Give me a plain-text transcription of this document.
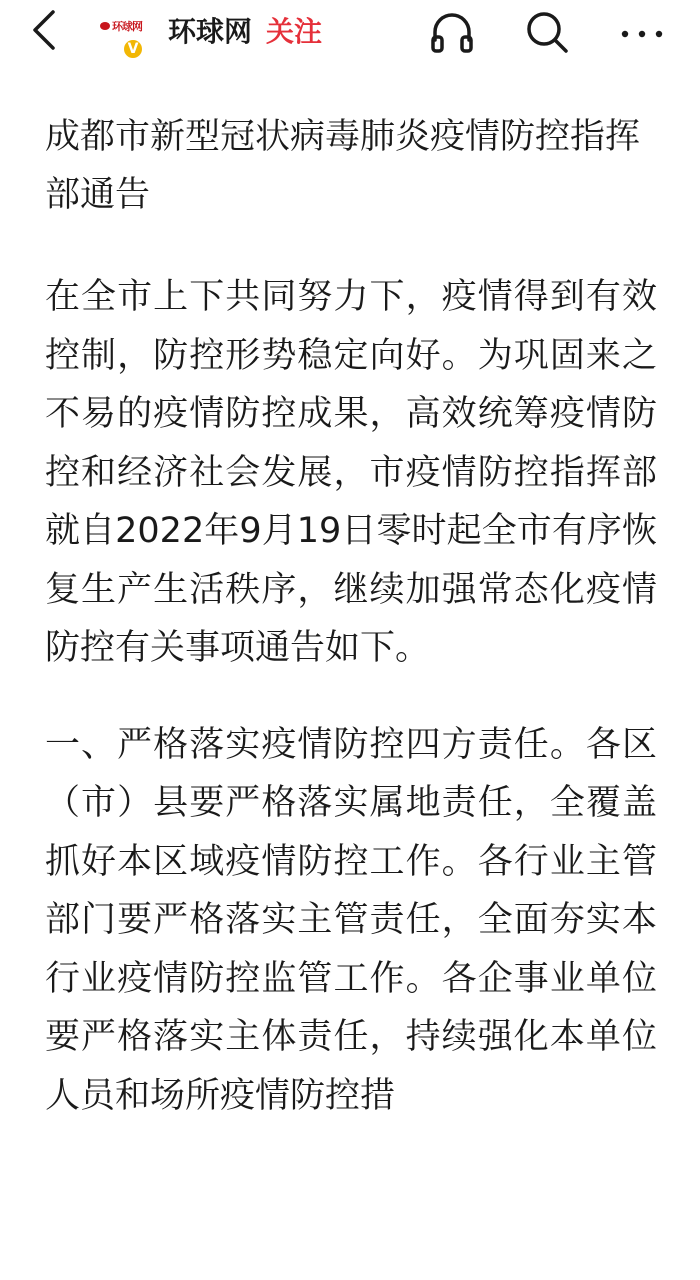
环球网
V
环球网 关注
成都市新型冠状病毒肺炎疫情防控指挥部通告

在全市上下共同努力下，疫情得到有效控制，防控形势稳定向好。为巩固来之不易的疫情防控成果，高效统筹疫情防控和经济社会发展，市疫情防控指挥部就自2022年9月19日零时起全市有序恢复生产生活秩序，继续加强常态化疫情防控有关事项通告如下。

一、严格落实疫情防控四方责任。各区（市）县要严格落实属地责任，全覆盖抓好本区域疫情防控工作。各行业主管部门要严格落实主管责任，全面夯实本行业疫情防控监管工作。各企事业单位要严格落实主体责任，持续强化本单位人员和场所疫情防控措
